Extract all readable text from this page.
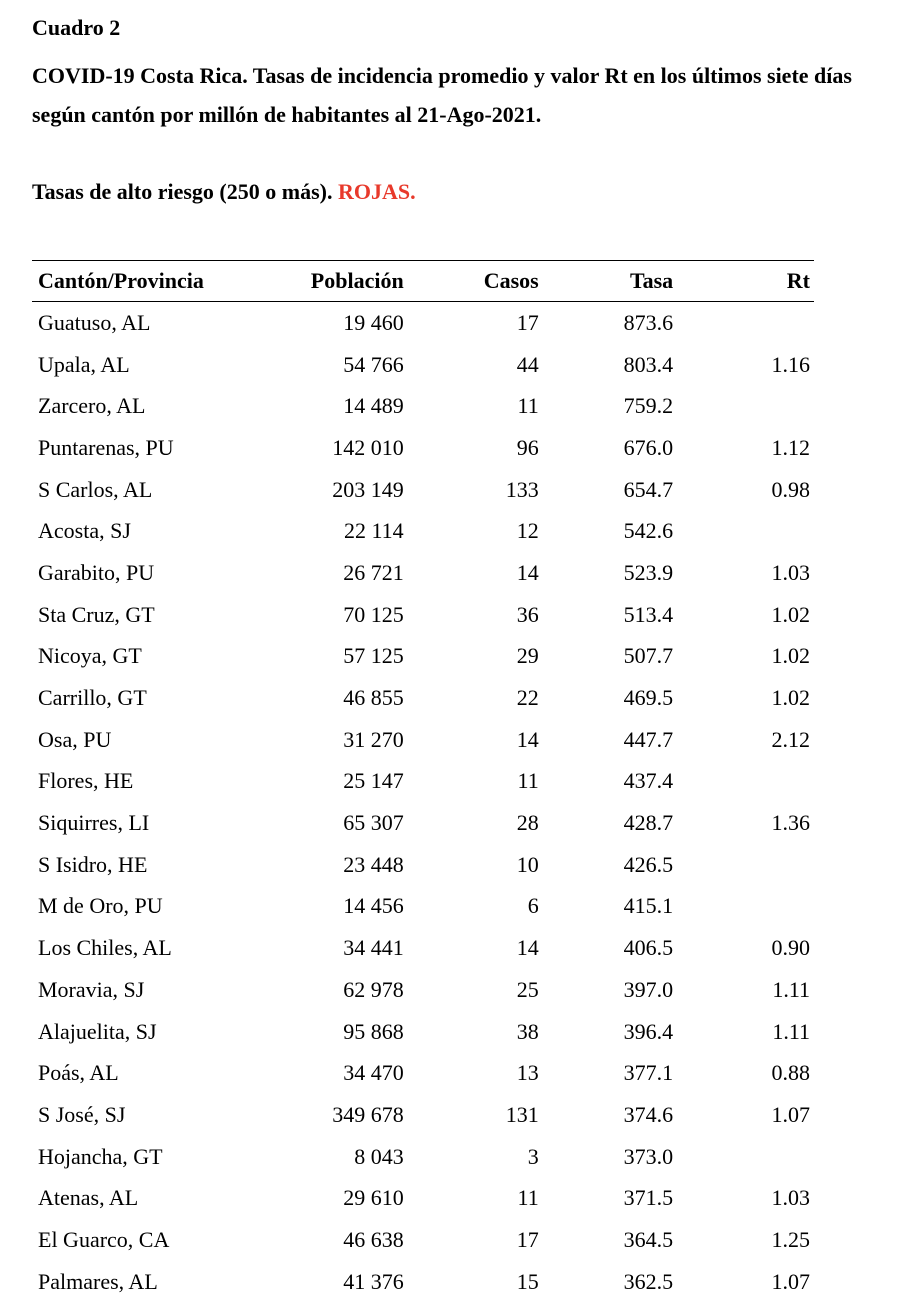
Cuadro 2
COVID-19 Costa Rica. Tasas de incidencia promedio y valor Rt en los últimos siete días según cantón por millón de habitantes al 21-Ago-2021.
Tasas de alto riesgo (250 o más). ROJAS.
Cantón/Provincia	Población	Casos	Tasa	Rt
Guatuso, AL	19 460	17	873.6	
Upala, AL	54 766	44	803.4	1.16
Zarcero, AL	14 489	11	759.2	
Puntarenas, PU	142 010	96	676.0	1.12
S Carlos, AL	203 149	133	654.7	0.98
Acosta, SJ	22 114	12	542.6	
Garabito, PU	26 721	14	523.9	1.03
Sta Cruz, GT	70 125	36	513.4	1.02
Nicoya, GT	57 125	29	507.7	1.02
Carrillo, GT	46 855	22	469.5	1.02
Osa, PU	31 270	14	447.7	2.12
Flores, HE	25 147	11	437.4	
Siquirres, LI	65 307	28	428.7	1.36
S Isidro, HE	23 448	10	426.5	
M de Oro, PU	14 456	6	415.1	
Los Chiles, AL	34 441	14	406.5	0.90
Moravia, SJ	62 978	25	397.0	1.11
Alajuelita, SJ	95 868	38	396.4	1.11
Poás, AL	34 470	13	377.1	0.88
S José, SJ	349 678	131	374.6	1.07
Hojancha, GT	8 043	3	373.0	
Atenas, AL	29 610	11	371.5	1.03
El Guarco, CA	46 638	17	364.5	1.25
Palmares, AL	41 376	15	362.5	1.07
